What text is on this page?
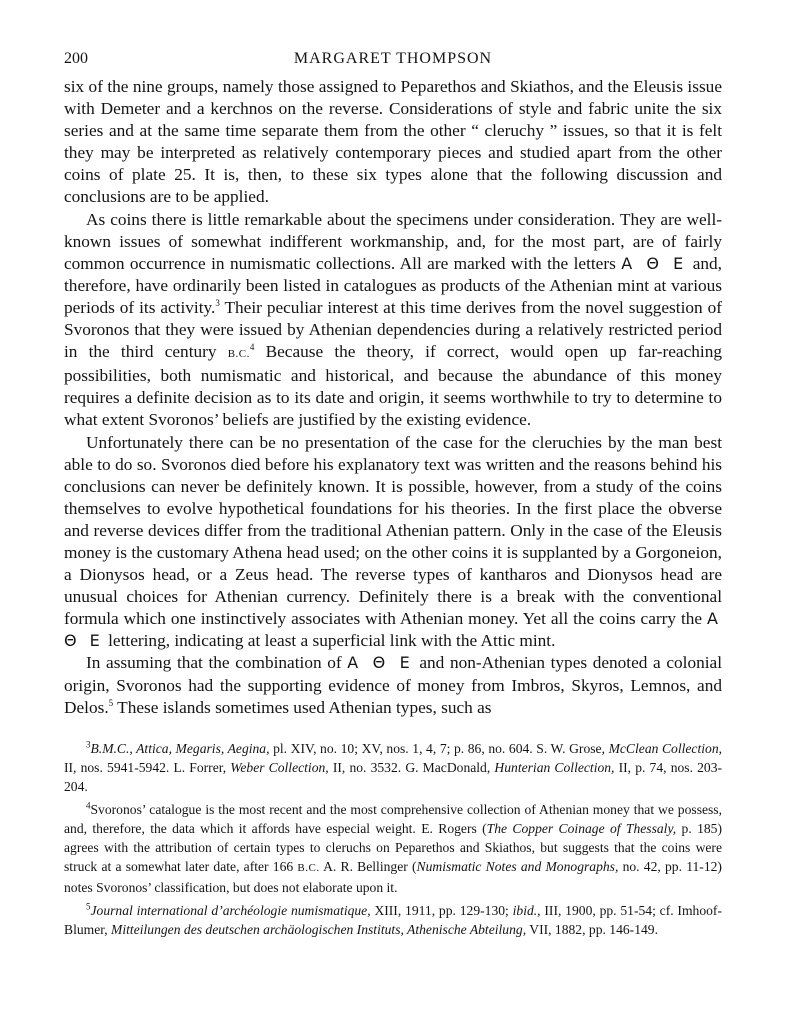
200	MARGARET THOMPSON

six of the nine groups, namely those assigned to Peparethos and Skiathos, and the Eleusis issue with Demeter and a kerchnos on the reverse. Considerations of style and fabric unite the six series and at the same time separate them from the other “ cleruchy ” issues, so that it is felt they may be interpreted as relatively contemporary pieces and studied apart from the other coins of plate 25. It is, then, to these six types alone that the following discussion and conclusions are to be applied.

As coins there is little remarkable about the specimens under consideration. They are well-known issues of somewhat indifferent workmanship, and, for the most part, are of fairly common occurrence in numismatic collections. All are marked with the letters Α Θ Ε and, therefore, have ordinarily been listed in catalogues as products of the Athenian mint at various periods of its activity.$^3$ Their peculiar interest at this time derives from the novel suggestion of Svoronos that they were issued by Athenian dependencies during a relatively restricted period in the third century B.C.$^4$ Because the theory, if correct, would open up far-reaching possibilities, both numismatic and historical, and because the abundance of this money requires a definite decision as to its date and origin, it seems worthwhile to try to determine to what extent Svoronos’ beliefs are justified by the existing evidence.

Unfortunately there can be no presentation of the case for the cleruchies by the man best able to do so. Svoronos died before his explanatory text was written and the reasons behind his conclusions can never be definitely known. It is possible, however, from a study of the coins themselves to evolve hypothetical foundations for his theories. In the first place the obverse and reverse devices differ from the traditional Athenian pattern. Only in the case of the Eleusis money is the customary Athena head used; on the other coins it is supplanted by a Gorgoneion, a Dionysos head, or a Zeus head. The reverse types of kantharos and Dionysos head are unusual choices for Athenian currency. Definitely there is a break with the conventional formula which one instinctively associates with Athenian money. Yet all the coins carry the Α Θ Ε lettering, indicating at least a superficial link with the Attic mint.

In assuming that the combination of Α Θ Ε and non-Athenian types denoted a colonial origin, Svoronos had the supporting evidence of money from Imbros, Skyros, Lemnos, and Delos.$^5$ These islands sometimes used Athenian types, such as

$^3$B.M.C., Attica, Megaris, Aegina, pl. XIV, no. 10; XV, nos. 1, 4, 7; p. 86, no. 604. S. W. Grose, McClean Collection, II, nos. 5941-5942. L. Forrer, Weber Collection, II, no. 3532. G. MacDonald, Hunterian Collection, II, p. 74, nos. 203-204.

$^4$Svoronos’ catalogue is the most recent and the most comprehensive collection of Athenian money that we possess, and, therefore, the data which it affords have especial weight. E. Rogers (The Copper Coinage of Thessaly, p. 185) agrees with the attribution of certain types to cleruchs on Peparethos and Skiathos, but suggests that the coins were struck at a somewhat later date, after 166 B.C. A. R. Bellinger (Numismatic Notes and Monographs, no. 42, pp. 11-12) notes Svoronos’ classification, but does not elaborate upon it.

$^5$Journal international d’archéologie numismatique, XIII, 1911, pp. 129-130; ibid., III, 1900, pp. 51-54; cf. Imhoof-Blumer, Mitteilungen des deutschen archäologischen Instituts, Athenische Abteilung, VII, 1882, pp. 146-149.
